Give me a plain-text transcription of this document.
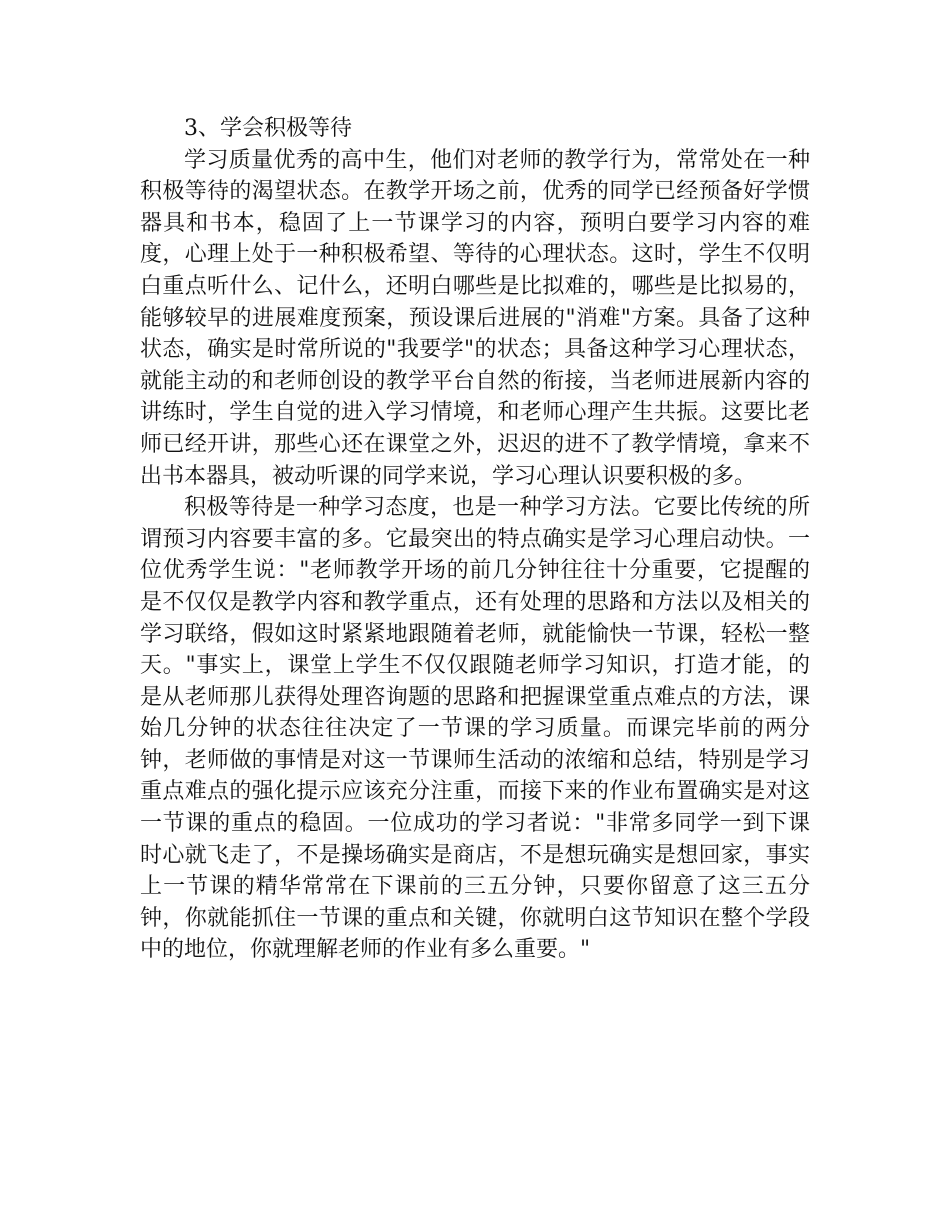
3、学会积极等待

学习质量优秀的高中生，他们对老师的教学行为，常常处在一种积极等待的渴望状态。在教学开场之前，优秀的同学已经预备好学惯器具和书本，稳固了上一节课学习的内容，预明白要学习内容的难度，心理上处于一种积极希望、等待的心理状态。这时，学生不仅明白重点听什么、记什么，还明白哪些是比拟难的，哪些是比拟易的，能够较早的进展难度预案，预设课后进展的"消难"方案。具备了这种状态，确实是时常所说的"我要学"的状态；具备这种学习心理状态，就能主动的和老师创设的教学平台自然的衔接，当老师进展新内容的讲练时，学生自觉的进入学习情境，和老师心理产生共振。这要比老师已经开讲，那些心还在课堂之外，迟迟的进不了教学情境，拿来不出书本器具，被动听课的同学来说，学习心理认识要积极的多。

积极等待是一种学习态度，也是一种学习方法。它要比传统的所谓预习内容要丰富的多。它最突出的特点确实是学习心理启动快。一位优秀学生说："老师教学开场的前几分钟往往十分重要，它提醒的是不仅仅是教学内容和教学重点，还有处理的思路和方法以及相关的学习联络，假如这时紧紧地跟随着老师，就能愉快一节课，轻松一整天。"事实上，课堂上学生不仅仅跟随老师学习知识，打造才能，的是从老师那儿获得处理咨询题的思路和把握课堂重点难点的方法，课始几分钟的状态往往决定了一节课的学习质量。而课完毕前的两分钟，老师做的事情是对这一节课师生活动的浓缩和总结，特别是学习重点难点的强化提示应该充分注重，而接下来的作业布置确实是对这一节课的重点的稳固。一位成功的学习者说："非常多同学一到下课时心就飞走了，不是操场确实是商店，不是想玩确实是想回家，事实上一节课的精华常常在下课前的三五分钟，只要你留意了这三五分钟，你就能抓住一节课的重点和关键，你就明白这节知识在整个学段中的地位，你就理解老师的作业有多么重要。"
